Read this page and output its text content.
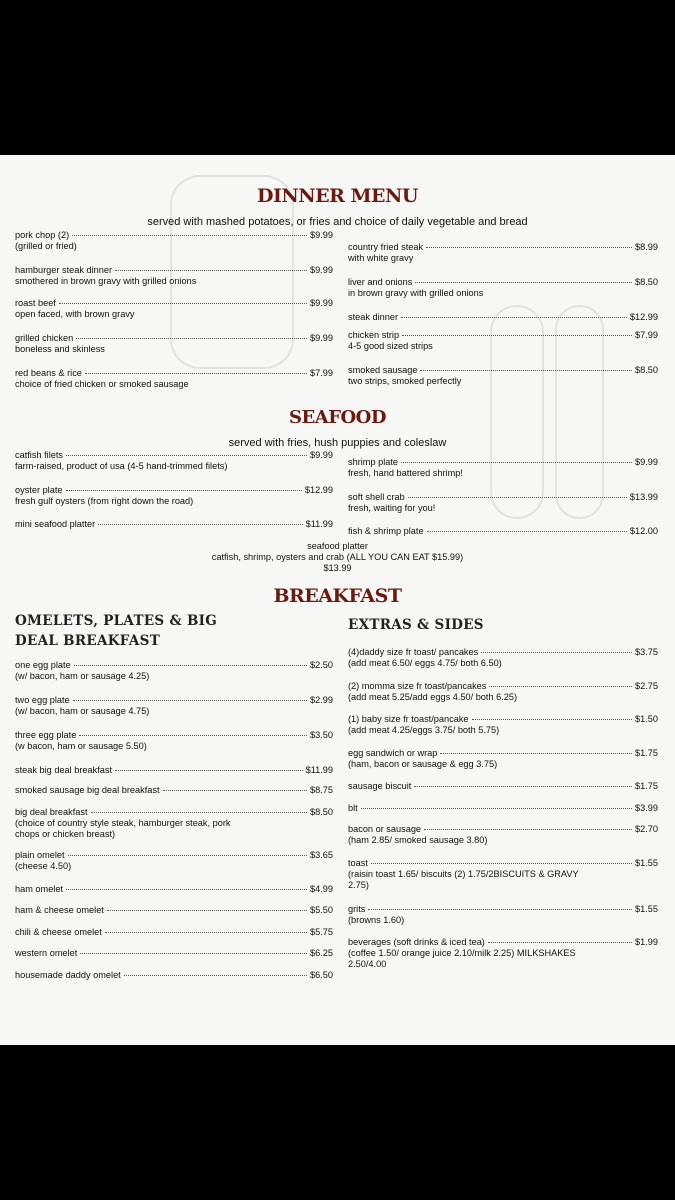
DINNER MENU
served with mashed potatoes, or fries and choice of daily vegetable and bread
SEAFOOD
served with fries, hush puppies and coleslaw
BREAKFAST
OMELETS, PLATES & BIG
DEAL BREAKFAST
EXTRAS & SIDES
pork chop (2)	$9.99
(grilled or fried)
hamburger steak dinner	$9.99
smothered in brown gravy with grilled onions
roast beef	$9.99
open faced, with brown gravy
grilled chicken	$9.99
boneless and skinless
red beans & rice	$7.99
choice of fried chicken or smoked sausage
country fried steak	$8.99
with white gravy
liver and onions	$8.50
in brown gravy with grilled onions
steak dinner	$12.99
chicken strip	$7.99
4-5 good sized strips
smoked sausage	$8.50
two strips, smoked perfectly
catfish filets	$9.99
farm-raised, product of usa (4-5 hand-trimmed filets)
oyster plate	$12.99
fresh gulf oysters (from right down the road)
mini seafood platter	$11.99
shrimp plate	$9.99
fresh, hand battered shrimp!
soft shell crab	$13.99
fresh, waiting for you!
fish & shrimp plate	$12.00
one egg plate	$2.50
(w/ bacon, ham or sausage 4.25)
two egg plate	$2.99
(w/ bacon, ham or sausage 4.75)
three egg plate	$3.50
(w bacon, ham or sausage 5.50)
steak big deal breakfast	$11.99
smoked sausage big deal breakfast	$8.75
big deal breakfast	$8.50
(choice of country style steak, hamburger steak, pork
chops or chicken breast)
plain omelet	$3.65
(cheese 4.50)
ham omelet	$4.99
ham & cheese omelet	$5.50
chili & cheese omelet	$5.75
western omelet	$6.25
housemade daddy omelet	$6.50
(4)daddy size fr toast/ pancakes	$3.75
(add meat 6.50/ eggs 4.75/ both 6.50)
(2) momma size fr toast/pancakes	$2.75
(add meat 5.25/add eggs 4.50/ both 6.25)
(1) baby size fr toast/pancake	$1.50
(add meat 4.25/eggs 3.75/ both 5.75)
egg sandwich or wrap	$1.75
(ham, bacon or sausage & egg 3.75)
sausage biscuit	$1.75
blt	$3.99
bacon or sausage	$2.70
(ham 2.85/ smoked sausage 3.80)
toast	$1.55
(raisin toast 1.65/ biscuits (2) 1.75/2BISCUITS & GRAVY
2.75)
grits	$1.55
(browns 1.60)
beverages (soft drinks & iced tea)	$1.99
(coffee 1.50/ orange juice 2.10/milk 2.25) MILKSHAKES
2.50/4.00
seafood platter
catfish, shrimp, oysters and crab (ALL YOU CAN EAT $15.99)
$13.99
